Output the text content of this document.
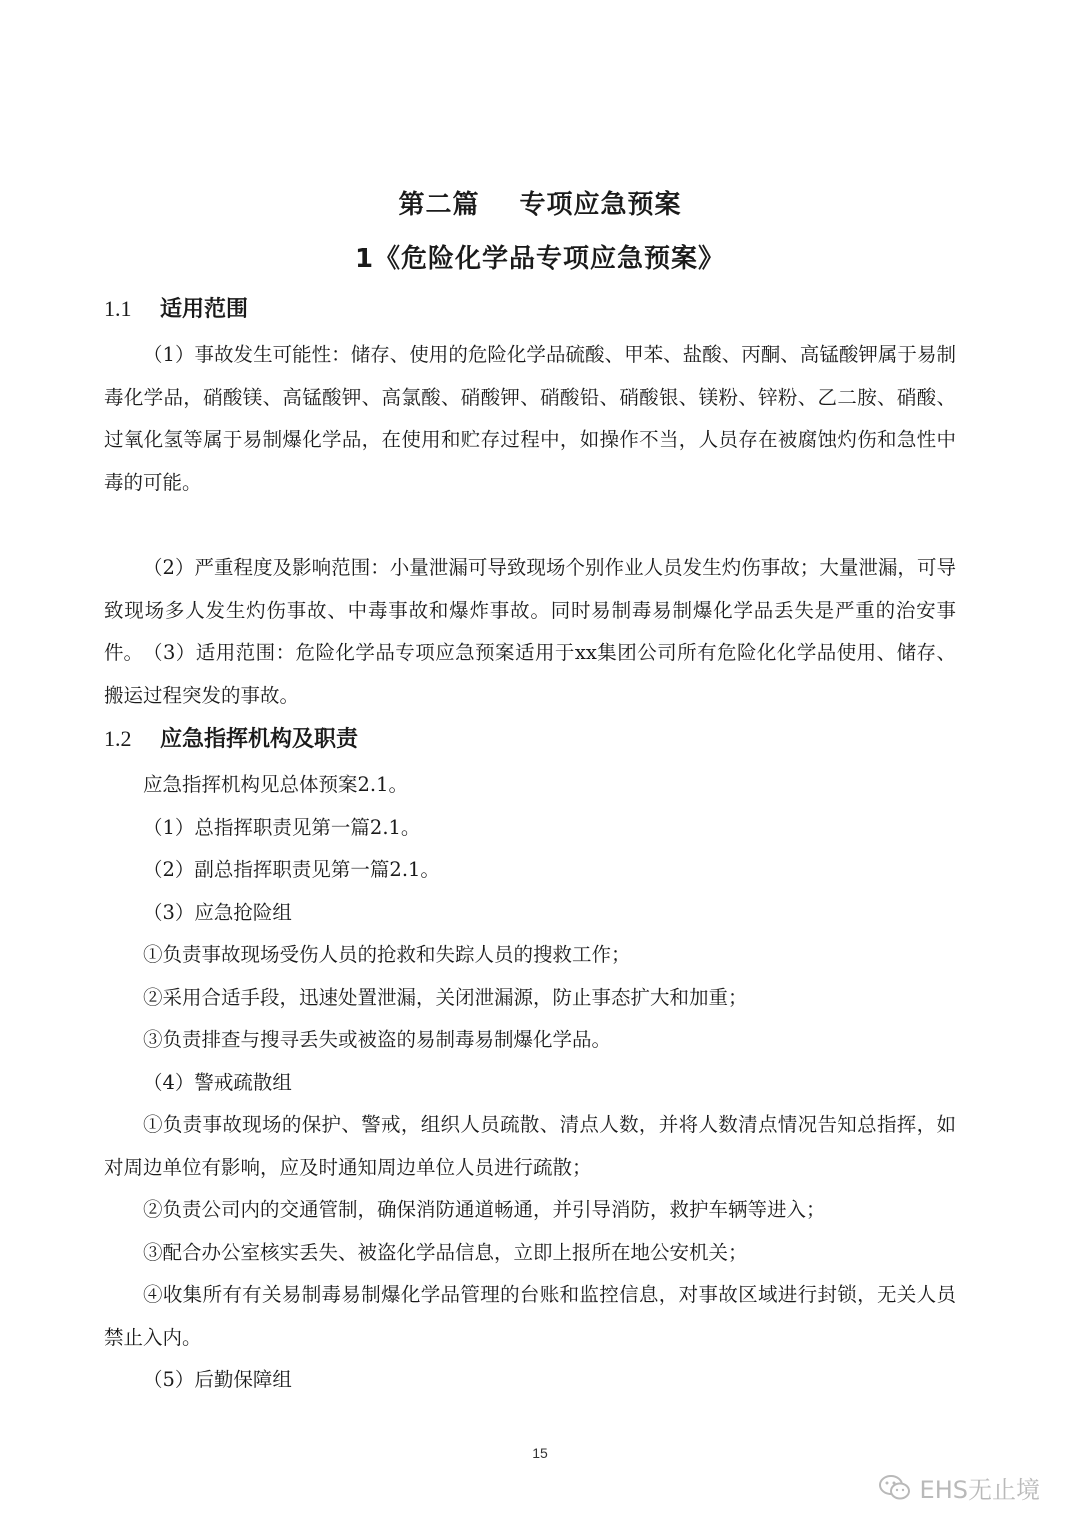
第二篇 专项应急预案
1《危险化学品专项应急预案》
1.1 适用范围

（1）事故发生可能性：储存、使用的危险化学品硫酸、甲苯、盐酸、丙酮、高锰酸钾属于易制毒化学品，硝酸镁、高锰酸钾、高氯酸、硝酸钾、硝酸铅、硝酸银、镁粉、锌粉、乙二胺、硝酸、过氧化氢等属于易制爆化学品，在使用和贮存过程中，如操作不当，人员存在被腐蚀灼伤和急性中毒的可能。

（2）严重程度及影响范围：小量泄漏可导致现场个别作业人员发生灼伤事故；大量泄漏，可导致现场多人发生灼伤事故、中毒事故和爆炸事故。同时易制毒易制爆化学品丢失是严重的治安事件。 （3）适用范围：危险化学品专项应急预案适用于xx集团公司所有危险化化学品使用、储存、搬运过程突发的事故。

1.2 应急指挥机构及职责

应急指挥机构见总体预案2.1。

（1）总指挥职责见第一篇2.1。

（2）副总指挥职责见第一篇2.1。

（3）应急抢险组

①负责事故现场受伤人员的抢救和失踪人员的搜救工作；

②采用合适手段，迅速处置泄漏，关闭泄漏源，防止事态扩大和加重；

③负责排查与搜寻丢失或被盗的易制毒易制爆化学品。

（4）警戒疏散组

①负责事故现场的保护、警戒，组织人员疏散、清点人数，并将人数清点情况告知总指挥，如对周边单位有影响，应及时通知周边单位人员进行疏散；

②负责公司内的交通管制，确保消防通道畅通，并引导消防，救护车辆等进入；

③配合办公室核实丢失、被盗化学品信息，立即上报所在地公安机关；

④收集所有有关易制毒易制爆化学品管理的台账和监控信息，对事故区域进行封锁，无关人员禁止入内。

（5）后勤保障组

15
EHS无止境
